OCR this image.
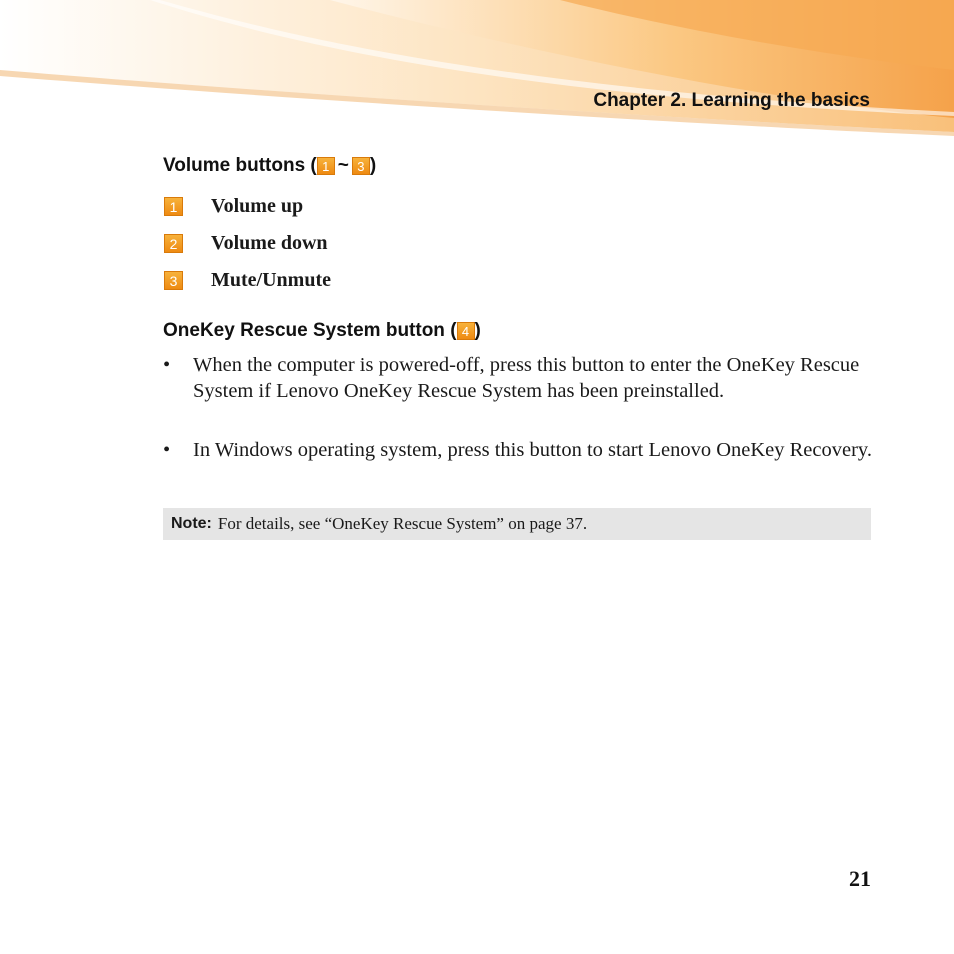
Chapter 2. Learning the basics
Volume buttons ( 1 ~ 3 )
1 Volume up
2 Volume down
3 Mute/Unmute
OneKey Rescue System button ( 4 )
• When the computer is powered-off, press this button to enter the OneKey Rescue System if Lenovo OneKey Rescue System has been preinstalled.
• In Windows operating system, press this button to start Lenovo OneKey Recovery.
Note: For details, see “OneKey Rescue System” on page 37.
21
